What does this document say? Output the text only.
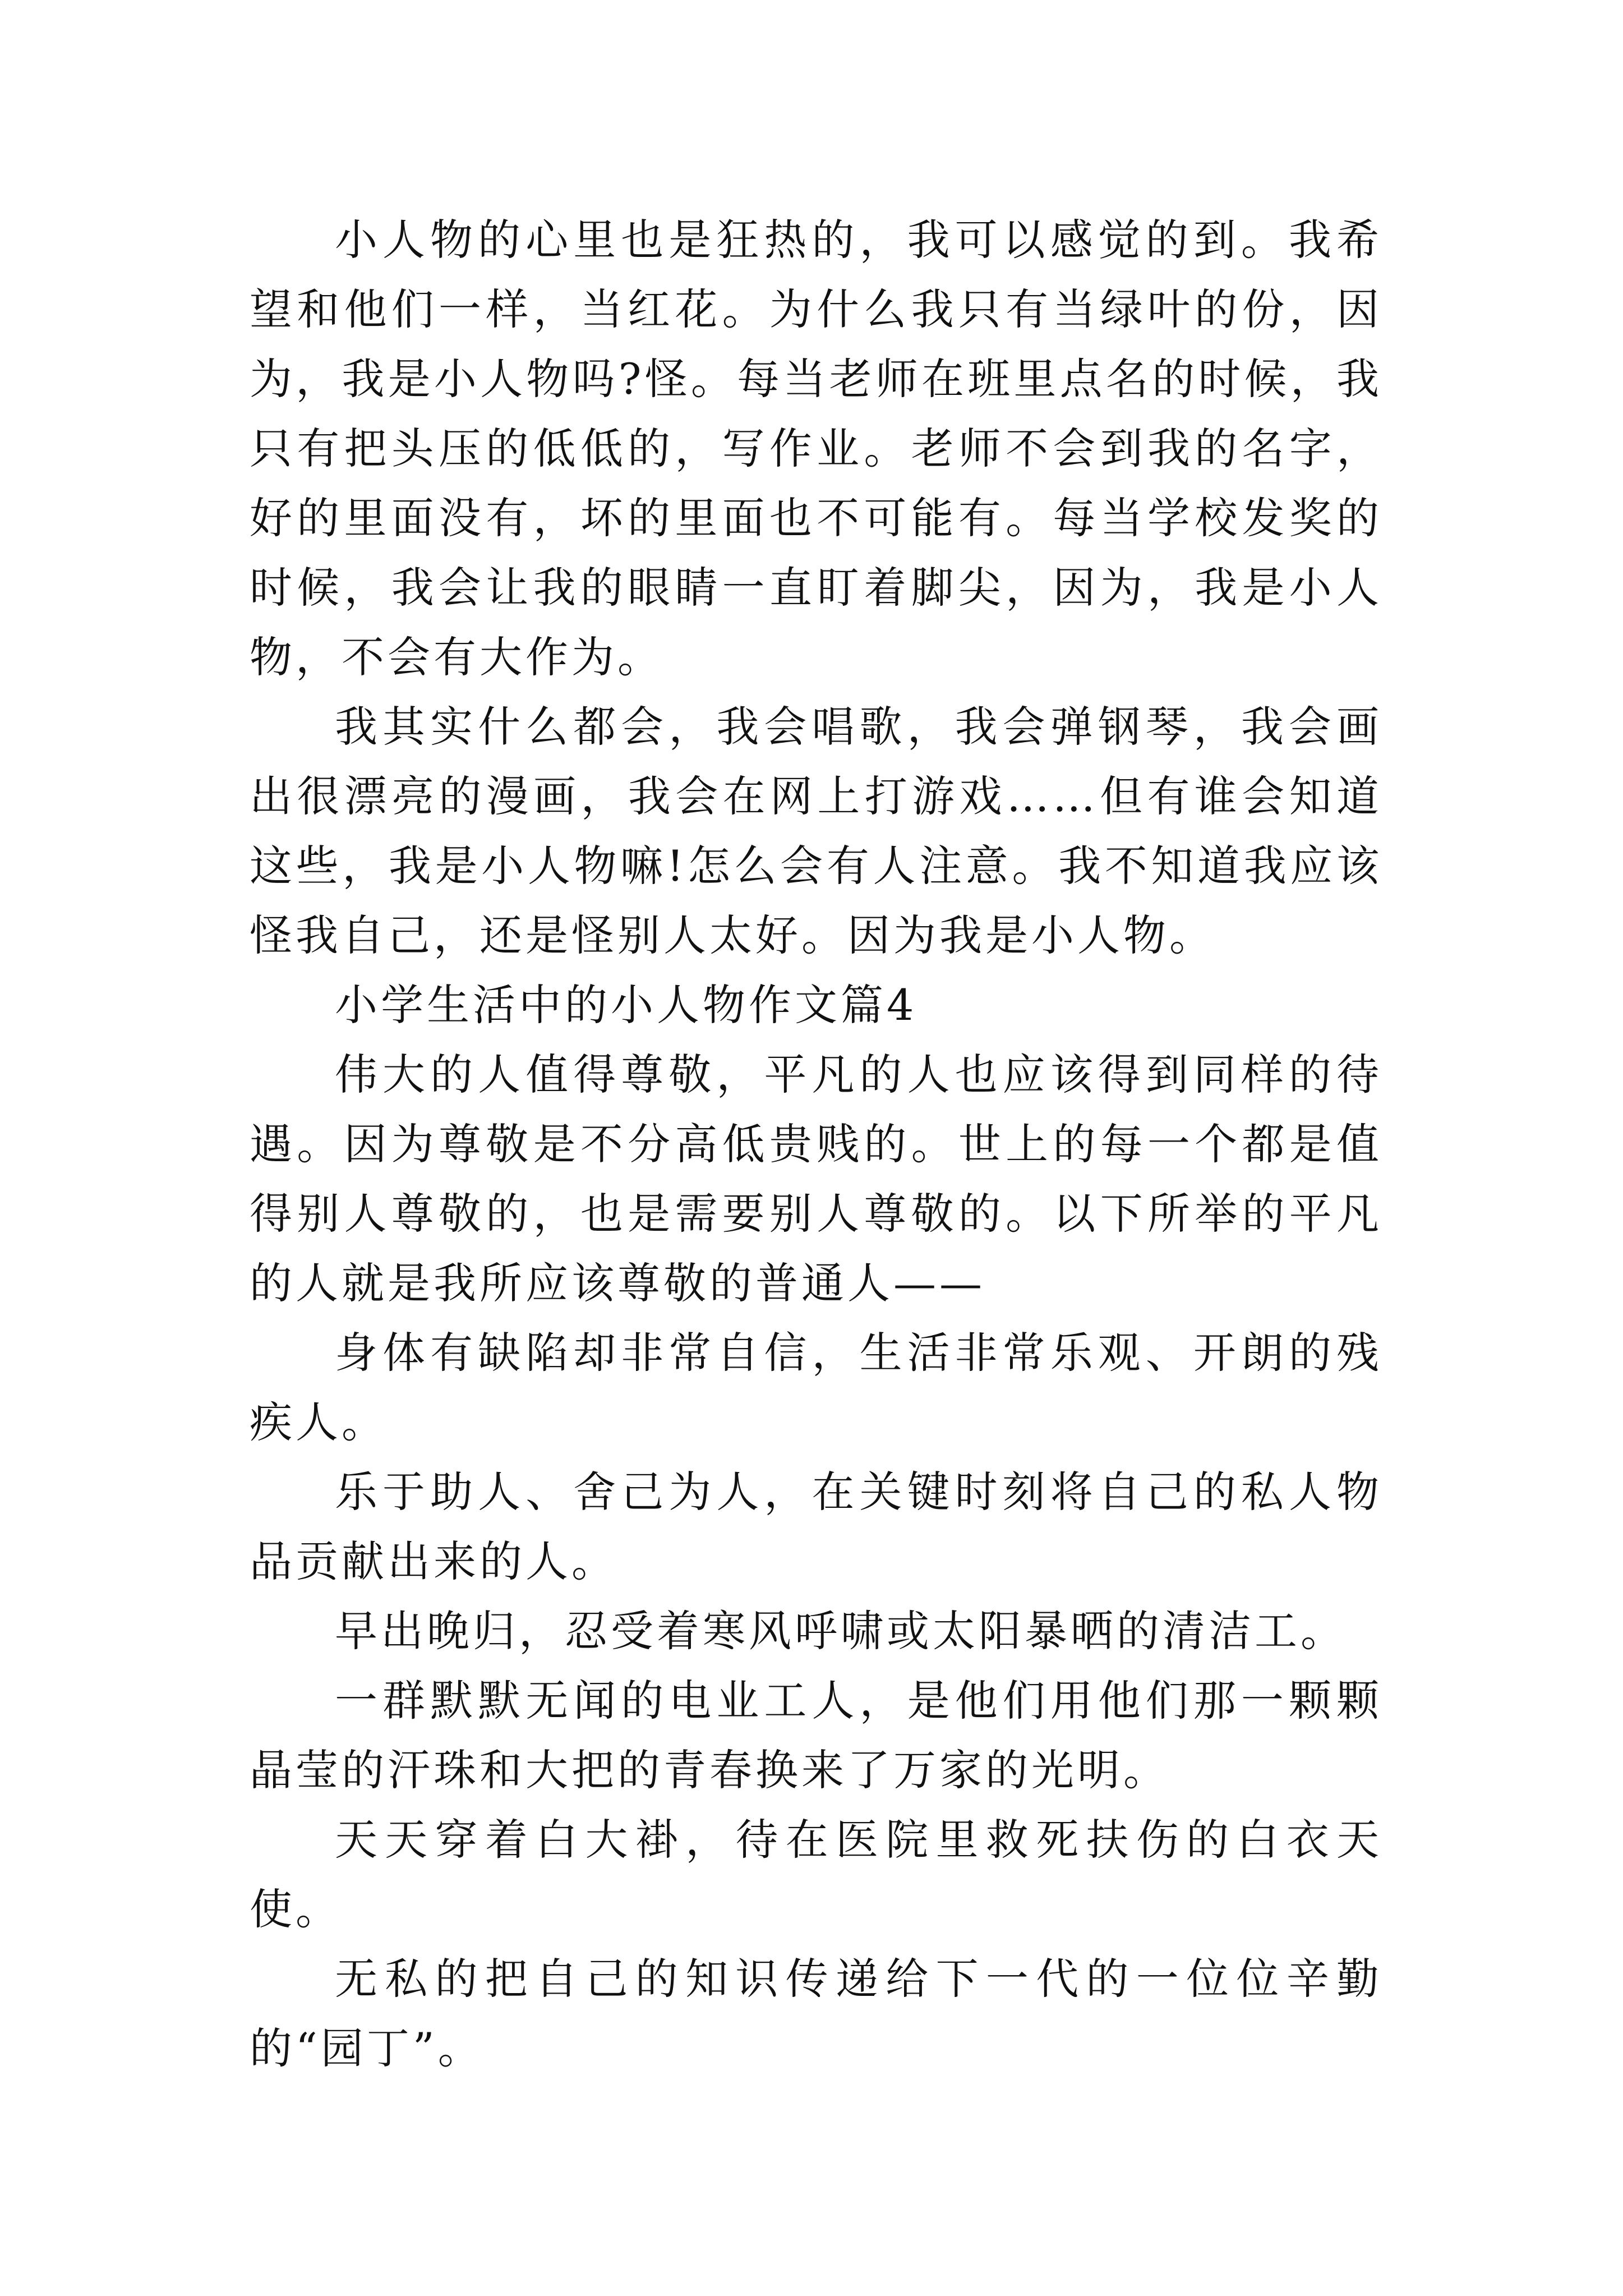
小人物的心里也是狂热的，我可以感觉的到。我希望和他们一样，当红花。为什么我只有当绿叶的份，因为，我是小人物吗?怪。每当老师在班里点名的时候，我只有把头压的低低的，写作业。老师不会到我的名字，好的里面没有，坏的里面也不可能有。每当学校发奖的时候，我会让我的眼睛一直盯着脚尖，因为，我是小人物，不会有大作为。

我其实什么都会，我会唱歌，我会弹钢琴，我会画出很漂亮的漫画，我会在网上打游戏……但有谁会知道这些，我是小人物嘛!怎么会有人注意。我不知道我应该怪我自己，还是怪别人太好。因为我是小人物。

小学生活中的小人物作文篇4

伟大的人值得尊敬，平凡的人也应该得到同样的待遇。因为尊敬是不分高低贵贱的。世上的每一个都是值得别人尊敬的，也是需要别人尊敬的。以下所举的平凡的人就是我所应该尊敬的普通人——

身体有缺陷却非常自信，生活非常乐观、开朗的残疾人。

乐于助人、舍己为人，在关键时刻将自己的私人物品贡献出来的人。

早出晚归，忍受着寒风呼啸或太阳暴晒的清洁工。

一群默默无闻的电业工人，是他们用他们那一颗颗晶莹的汗珠和大把的青春换来了万家的光明。

天天穿着白大褂，待在医院里救死扶伤的白衣天使。

无私的把自己的知识传递给下一代的一位位辛勤的“园丁”。
